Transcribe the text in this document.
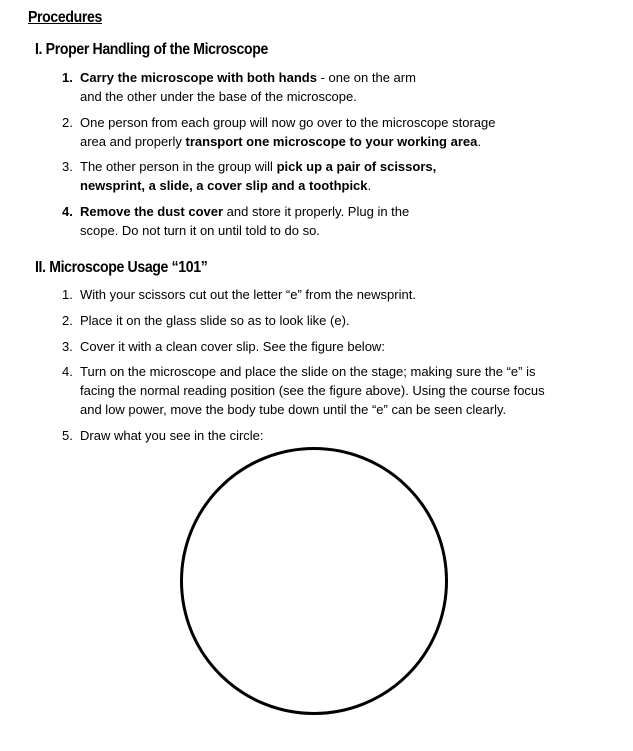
Procedures
I. Proper Handling of the Microscope
1. Carry the microscope with both hands - one on the arm
and the other under the base of the microscope.
2. One person from each group will now go over to the microscope storage
area and properly transport one microscope to your working area.
3. The other person in the group will pick up a pair of scissors,
newsprint, a slide, a cover slip and a toothpick.
4. Remove the dust cover and store it properly. Plug in the
scope. Do not turn it on until told to do so.
II. Microscope Usage “101”
1. With your scissors cut out the letter “e” from the newsprint.
2. Place it on the glass slide so as to look like (e).
3. Cover it with a clean cover slip. See the figure below:
4. Turn on the microscope and place the slide on the stage; making sure the “e” is
facing the normal reading position (see the figure above). Using the course focus
and low power, move the body tube down until the “e” can be seen clearly.
5. Draw what you see in the circle:
